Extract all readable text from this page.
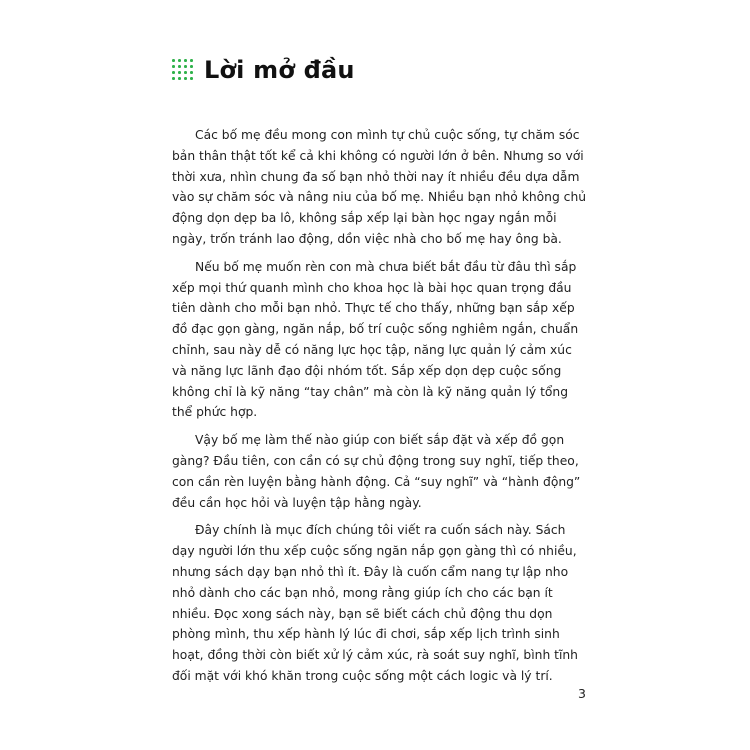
Lời mở đầu

Các bố mẹ đều mong con mình tự chủ cuộc sống, tự chăm sóc bản thân thật tốt kể cả khi không có người lớn ở bên. Nhưng so với thời xưa, nhìn chung đa số bạn nhỏ thời nay ít nhiều đều dựa dẫm vào sự chăm sóc và nâng niu của bố mẹ. Nhiều bạn nhỏ không chủ động dọn dẹp ba lô, không sắp xếp lại bàn học ngay ngắn mỗi ngày, trốn tránh lao động, dồn việc nhà cho bố mẹ hay ông bà.

Nếu bố mẹ muốn rèn con mà chưa biết bắt đầu từ đâu thì sắp xếp mọi thứ quanh mình cho khoa học là bài học quan trọng đầu tiên dành cho mỗi bạn nhỏ. Thực tế cho thấy, những bạn sắp xếp đồ đạc gọn gàng, ngăn nắp, bố trí cuộc sống nghiêm ngắn, chuẩn chỉnh, sau này dễ có năng lực học tập, năng lực quản lý cảm xúc và năng lực lãnh đạo đội nhóm tốt. Sắp xếp dọn dẹp cuộc sống không chỉ là kỹ năng “tay chân” mà còn là kỹ năng quản lý tổng thể phức hợp.

Vậy bố mẹ làm thế nào giúp con biết sắp đặt và xếp đồ gọn gàng? Đầu tiên, con cần có sự chủ động trong suy nghĩ, tiếp theo, con cần rèn luyện bằng hành động. Cả “suy nghĩ” và “hành động” đều cần học hỏi và luyện tập hằng ngày.

Đây chính là mục đích chúng tôi viết ra cuốn sách này. Sách dạy người lớn thu xếp cuộc sống ngăn nắp gọn gàng thì có nhiều, nhưng sách dạy bạn nhỏ thì ít. Đây là cuốn cẩm nang tự lập nho nhỏ dành cho các bạn nhỏ, mong rằng giúp ích cho các bạn ít nhiều. Đọc xong sách này, bạn sẽ biết cách chủ động thu dọn phòng mình, thu xếp hành lý lúc đi chơi, sắp xếp lịch trình sinh hoạt, đồng thời còn biết xử lý cảm xúc, rà soát suy nghĩ, bình tĩnh đối mặt với khó khăn trong cuộc sống một cách logic và lý trí.

3
